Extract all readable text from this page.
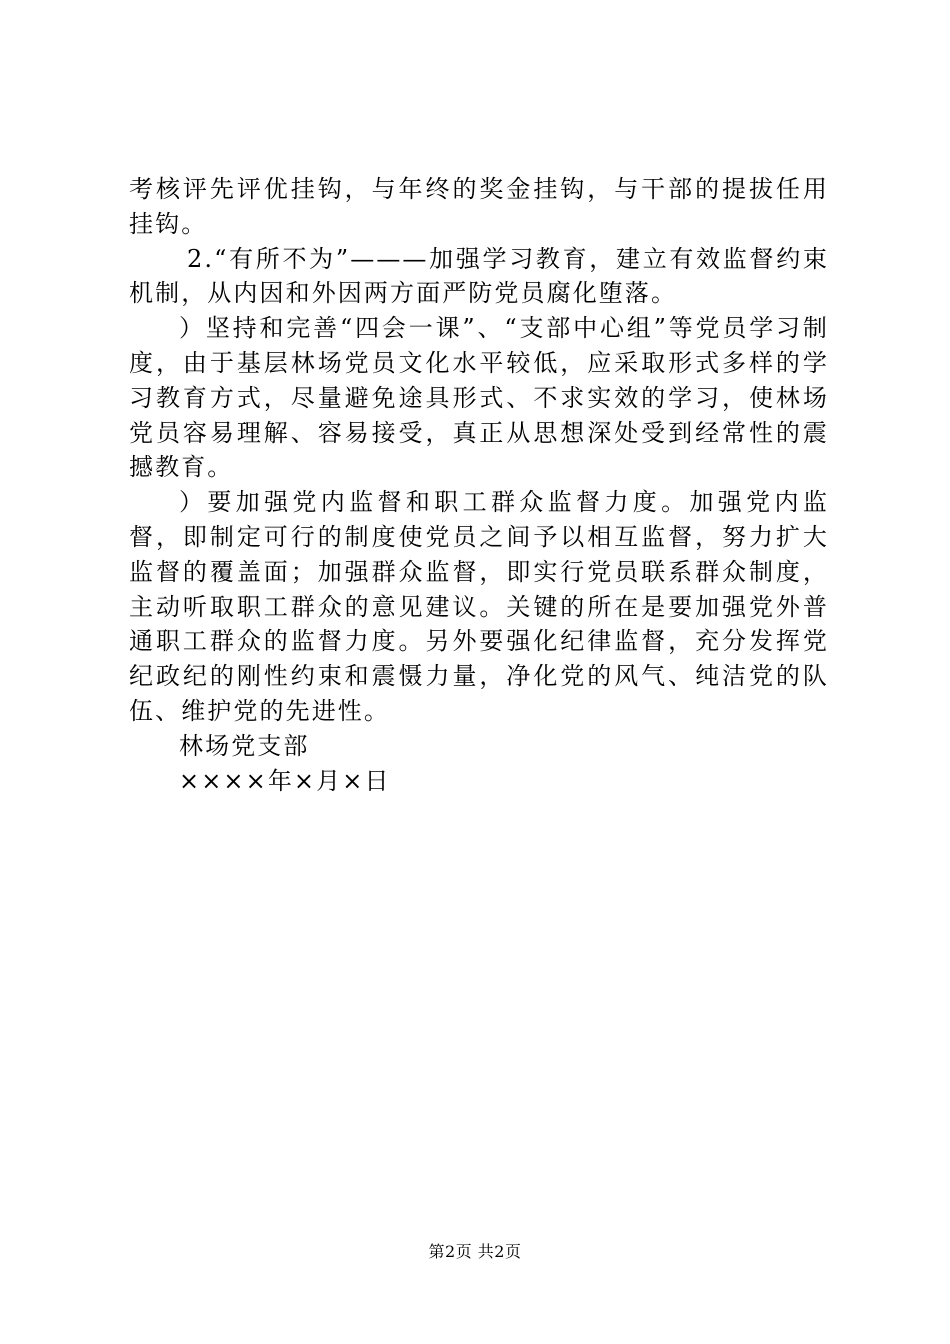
考核评先评优挂钩，与年终的奖金挂钩，与干部的提拔任用挂钩。

2.“有所不为”———加强学习教育，建立有效监督约束机制，从内因和外因两方面严防党员腐化堕落。

）坚持和完善“四会一课”、“支部中心组”等党员学习制度，由于基层林场党员文化水平较低，应采取形式多样的学习教育方式，尽量避免途具形式、不求实效的学习，使林场党员容易理解、容易接受，真正从思想深处受到经常性的震撼教育。

）要加强党内监督和职工群众监督力度。加强党内监督，即制定可行的制度使党员之间予以相互监督，努力扩大监督的覆盖面；加强群众监督，即实行党员联系群众制度，主动听取职工群众的意见建议。关键的所在是要加强党外普通职工群众的监督力度。另外要强化纪律监督，充分发挥党纪政纪的刚性约束和震慑力量，净化党的风气、纯洁党的队伍、维护党的先进性。

林场党支部

××××年×月×日

第2页 共2页
